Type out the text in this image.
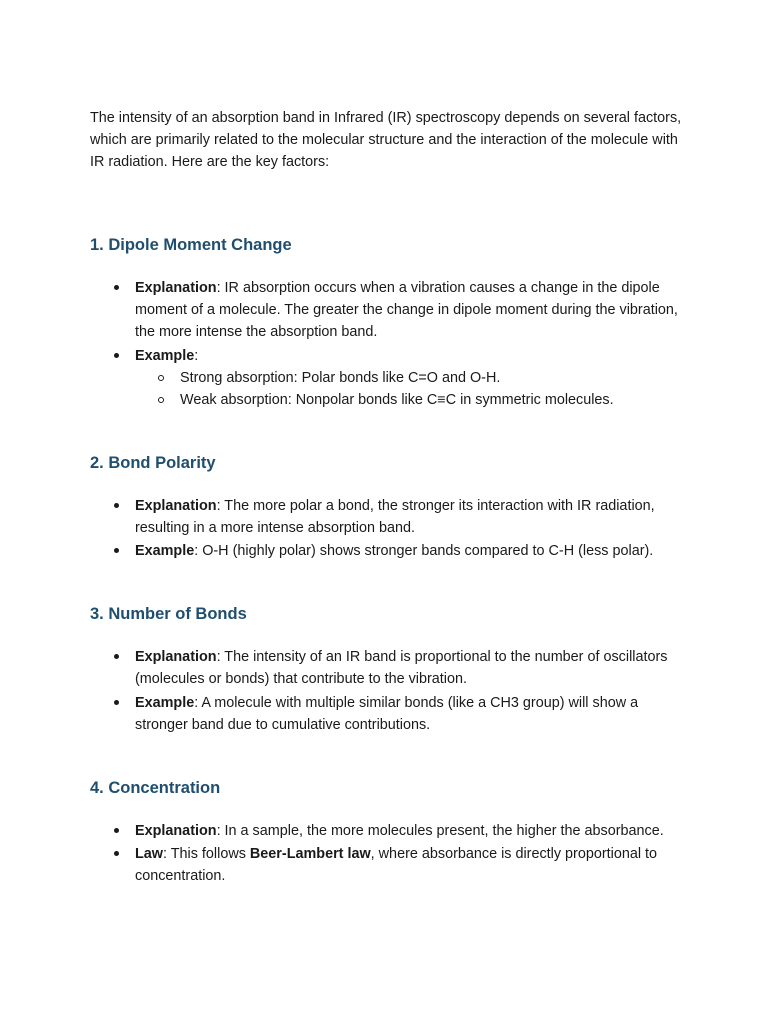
The intensity of an absorption band in Infrared (IR) spectroscopy depends on several factors, which are primarily related to the molecular structure and the interaction of the molecule with IR radiation. Here are the key factors:

1. Dipole Moment Change
Explanation: IR absorption occurs when a vibration causes a change in the dipole moment of a molecule. The greater the change in dipole moment during the vibration, the more intense the absorption band.
Example:
Strong absorption: Polar bonds like C=O and O-H.
Weak absorption: Nonpolar bonds like C≡C in symmetric molecules.
2. Bond Polarity
Explanation: The more polar a bond, the stronger its interaction with IR radiation, resulting in a more intense absorption band.
Example: O-H (highly polar) shows stronger bands compared to C-H (less polar).
3. Number of Bonds
Explanation: The intensity of an IR band is proportional to the number of oscillators (molecules or bonds) that contribute to the vibration.
Example: A molecule with multiple similar bonds (like a CH3 group) will show a stronger band due to cumulative contributions.
4. Concentration
Explanation: In a sample, the more molecules present, the higher the absorbance.
Law: This follows Beer-Lambert law, where absorbance is directly proportional to concentration.
